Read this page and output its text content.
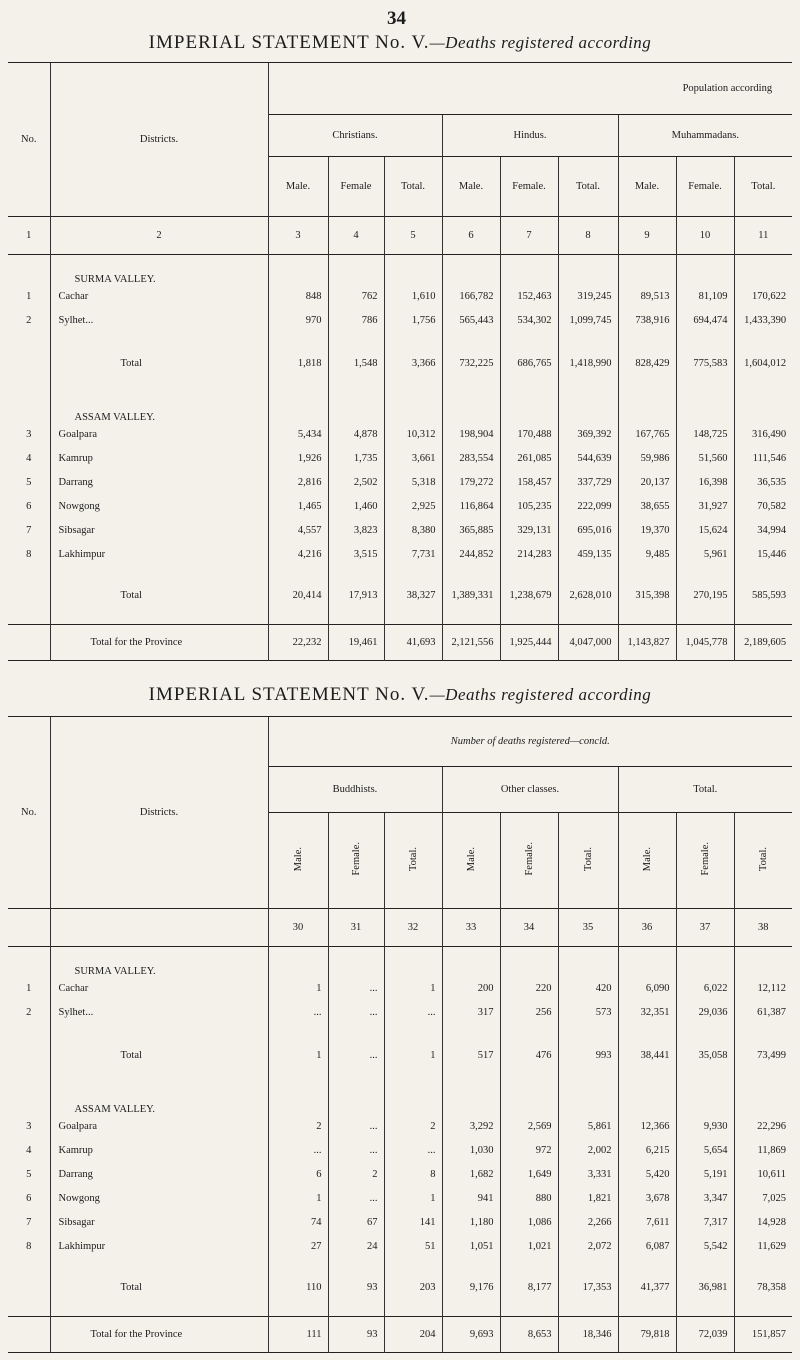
34
IMPERIAL STATEMENT No. V.—Deaths registered according
No.	Districts.	Population according								
		Christians.			Hindus.			Muhammadans.		
		Male.	Female	Total.	Male.	Female.	Total.	Male.	Female.	Total.
1	2	3	4	5	6	7	8	9	10	11
	SURMA VALLEY.									
1	Cachar	848	762	1,610	166,782	152,463	319,245	89,513	81,109	170,622
2	Sylhet...	970	786	1,756	565,443	534,302	1,099,745	738,916	694,474	1,433,390
	Total	1,818	1,548	3,366	732,225	686,765	1,418,990	828,429	775,583	1,604,012
	ASSAM VALLEY.									
3	Goalpara	5,434	4,878	10,312	198,904	170,488	369,392	167,765	148,725	316,490
4	Kamrup	1,926	1,735	3,661	283,554	261,085	544,639	59,986	51,560	111,546
5	Darrang	2,816	2,502	5,318	179,272	158,457	337,729	20,137	16,398	36,535
6	Nowgong	1,465	1,460	2,925	116,864	105,235	222,099	38,655	31,927	70,582
7	Sibsagar	4,557	3,823	8,380	365,885	329,131	695,016	19,370	15,624	34,994
8	Lakhimpur	4,216	3,515	7,731	244,852	214,283	459,135	9,485	5,961	15,446
	Total	20,414	17,913	38,327	1,389,331	1,238,679	2,628,010	315,398	270,195	585,593
	Total for the Province	22,232	19,461	41,693	2,121,556	1,925,444	4,047,000	1,143,827	1,045,778	2,189,605
IMPERIAL STATEMENT No. V.—Deaths registered according
No.	Districts.	Number of deaths registered—concld.								
		Buddhists.			Other classes.			Total.		
		Male.	Female.	Total.	Male.	Female.	Total.	Male.	Female.	Total.
		30	31	32	33	34	35	36	37	38
	SURMA VALLEY.									
1	Cachar	1	...	1	200	220	420	6,090	6,022	12,112
2	Sylhet...	...	...	...	317	256	573	32,351	29,036	61,387
	Total	1	...	1	517	476	993	38,441	35,058	73,499
	ASSAM VALLEY.									
3	Goalpara	2	...	2	3,292	2,569	5,861	12,366	9,930	22,296
4	Kamrup	...	...	...	1,030	972	2,002	6,215	5,654	11,869
5	Darrang	6	2	8	1,682	1,649	3,331	5,420	5,191	10,611
6	Nowgong	1	...	1	941	880	1,821	3,678	3,347	7,025
7	Sibsagar	74	67	141	1,180	1,086	2,266	7,611	7,317	14,928
8	Lakhimpur	27	24	51	1,051	1,021	2,072	6,087	5,542	11,629
	Total	110	93	203	9,176	8,177	17,353	41,377	36,981	78,358
	Total for the Province	111	93	204	9,693	8,653	18,346	79,818	72,039	151,857
